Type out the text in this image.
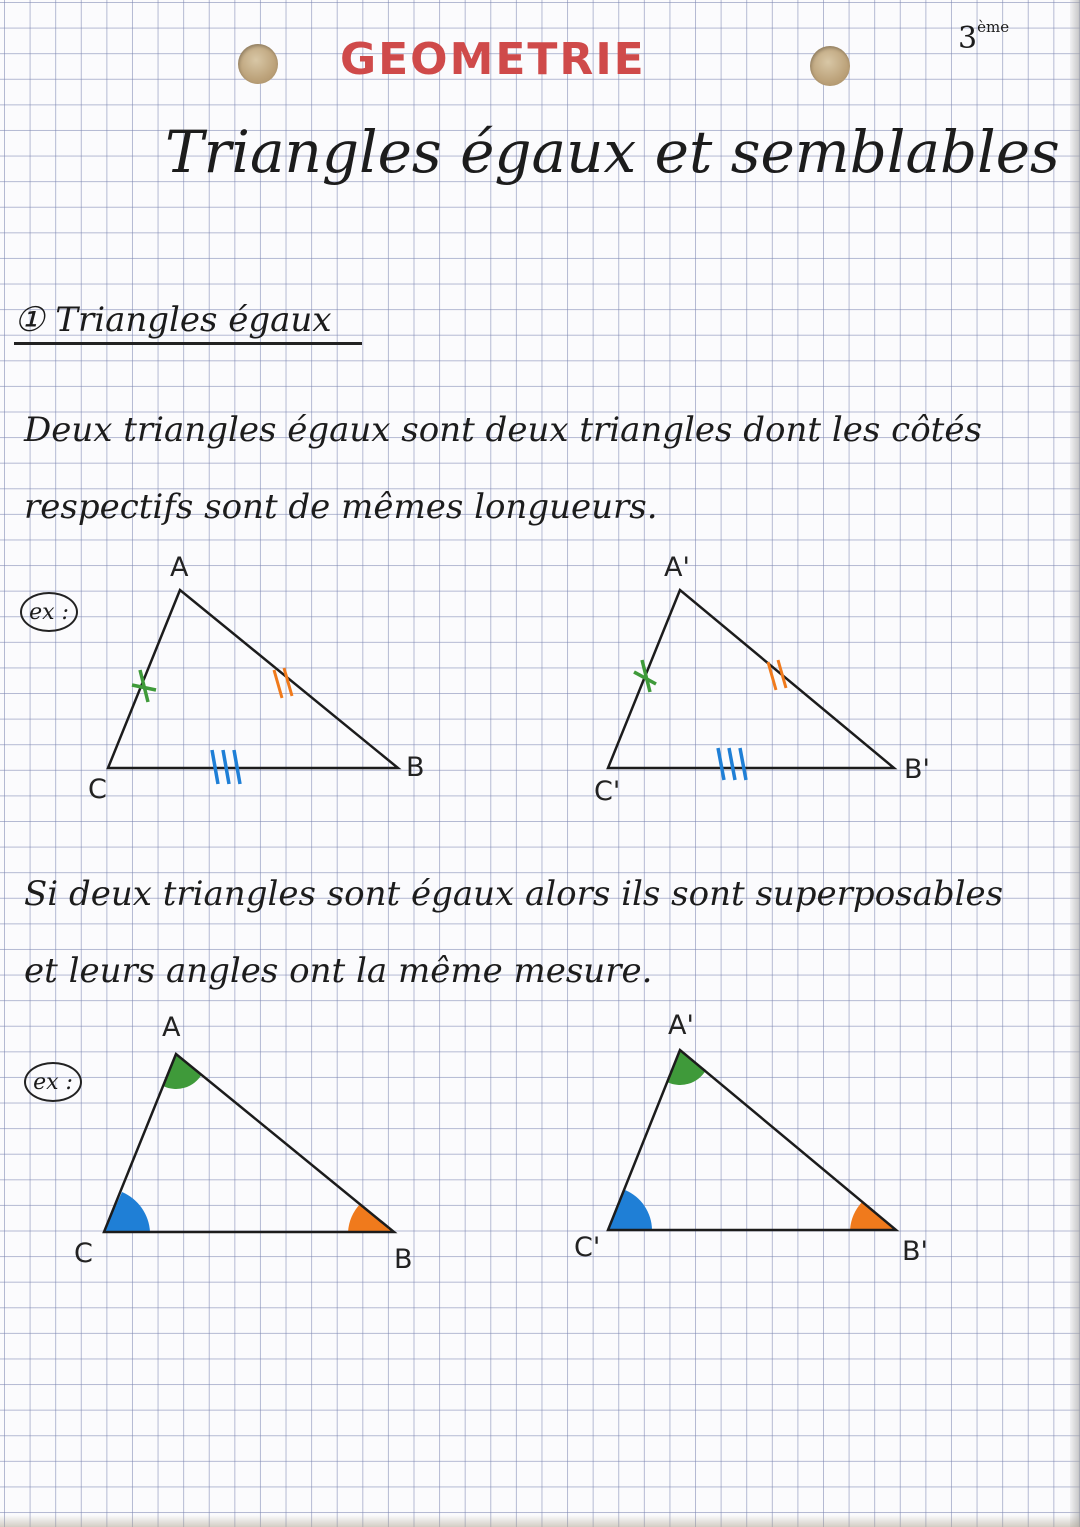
GEOMETRIE	3ème
Triangles égaux et semblables
① Triangles égaux
Deux triangles égaux sont deux triangles dont les côtés respectifs sont de mêmes longueurs.
ex :
Si deux triangles sont égaux alors ils sont superposables et leurs angles ont la même mesure.
ex :
A
B
C
A'
B'
C'
A
B
C
A'
B'
C'
